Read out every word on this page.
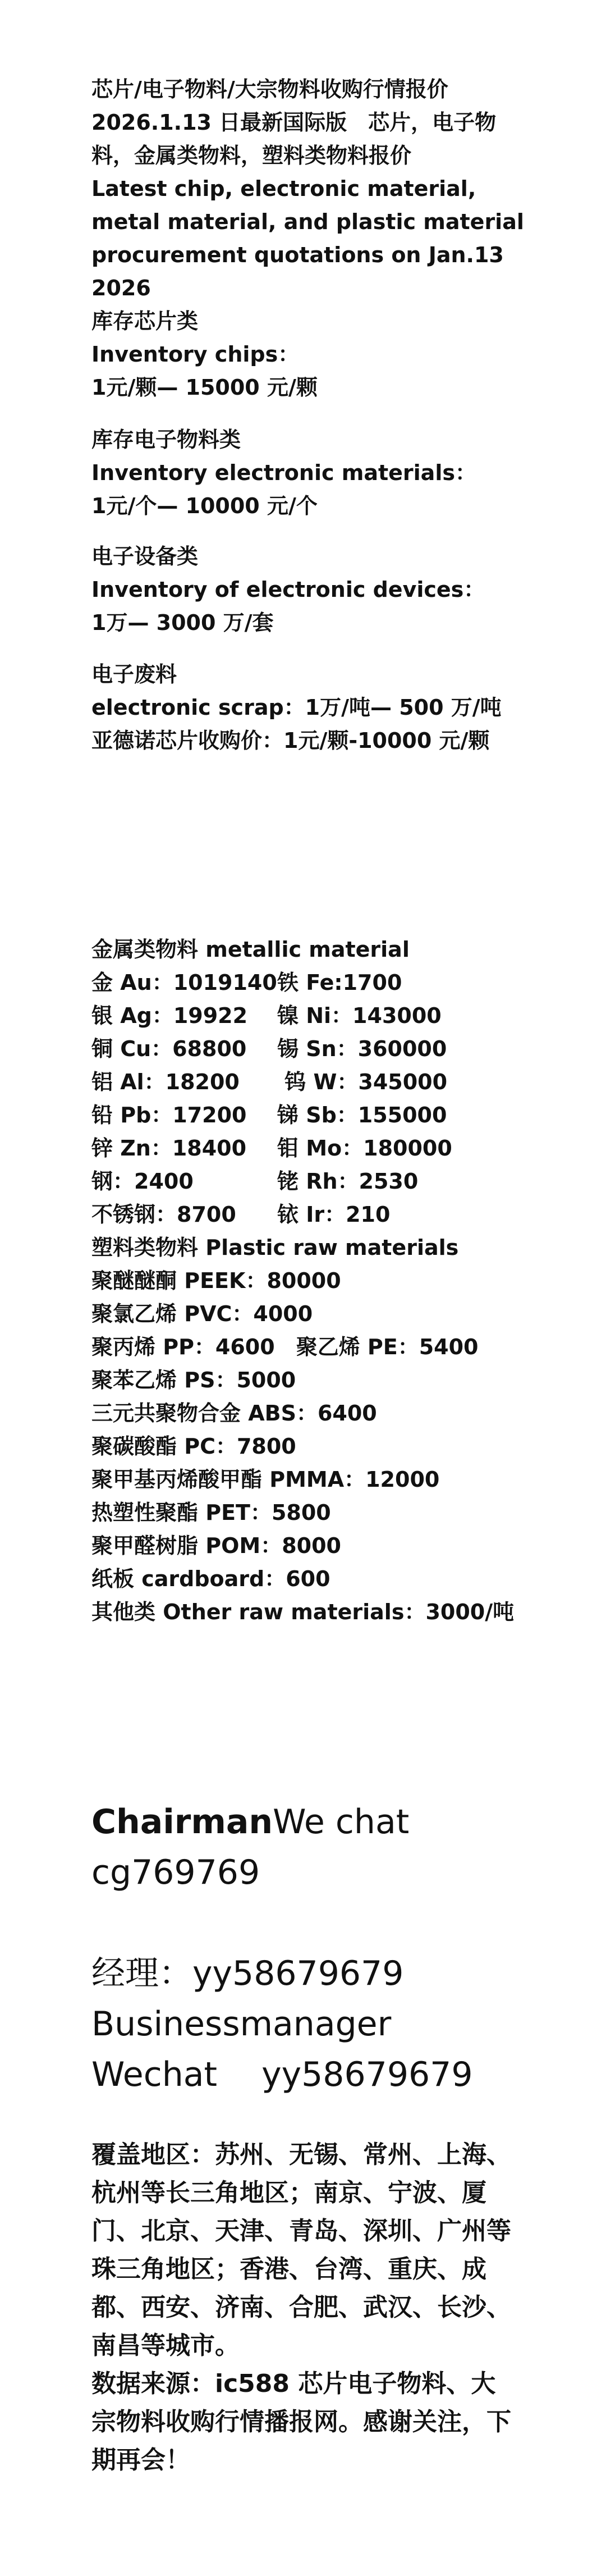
芯片/电子物料/大宗物料收购行情报价
2026.1.13 日最新国际版　芯片，电子物
料，金属类物料，塑料类物料报价
Latest chip, electronic material,
metal material, and plastic material
procurement quotations on Jan.13
2026
库存芯片类
Inventory chips：
1元/颗— 15000 元/颗
库存电子物料类
Inventory electronic materials：
1元/个— 10000 元/个
电子设备类
Inventory of electronic devices：
1万— 3000 万/套
电子废料
electronic scrap：1万/吨— 500 万/吨
亚德诺芯片收购价：1元/颗-10000 元/颗
金属类物料 metallic material
金 Au：1019140铁 Fe:1700
银 Ag：19922 镍 Ni：143000
铜 Cu：68800 锡 Sn：360000
铝 Al：18200 钨 W：345000
铅 Pb：17200 锑 Sb：155000
锌 Zn：18400 钼 Mo：180000
钢：2400	铑 Rh：2530
不锈钢：8700 铱 Ir：210
塑料类物料 Plastic raw materials
聚醚醚酮 PEEK：80000
聚氯乙烯 PVC：4000
聚丙烯 PP：4600　聚乙烯 PE：5400
聚苯乙烯 PS：5000
三元共聚物合金 ABS：6400
聚碳酸酯 PC：7800
聚甲基丙烯酸甲酯 PMMA：12000
热塑性聚酯 PET：5800
聚甲醛树脂 POM：8000
纸板 cardboard：600
其他类 Other raw materials：3000/吨
ChairmanWe chat
cg769769
经理：yy58679679
Businessmanager
Wechat　 yy58679679
覆盖地区：苏州、无锡、常州、上海、杭州等长三角地区；南京、宁波、厦门、北京、天津、青岛、深圳、广州等珠三角地区；香港、台湾、重庆、成都、西安、济南、合肥、武汉、长沙、南昌等城市。
数据来源：ic588 芯片电子物料、大宗物料收购行情播报网。感谢关注，下期再会！
